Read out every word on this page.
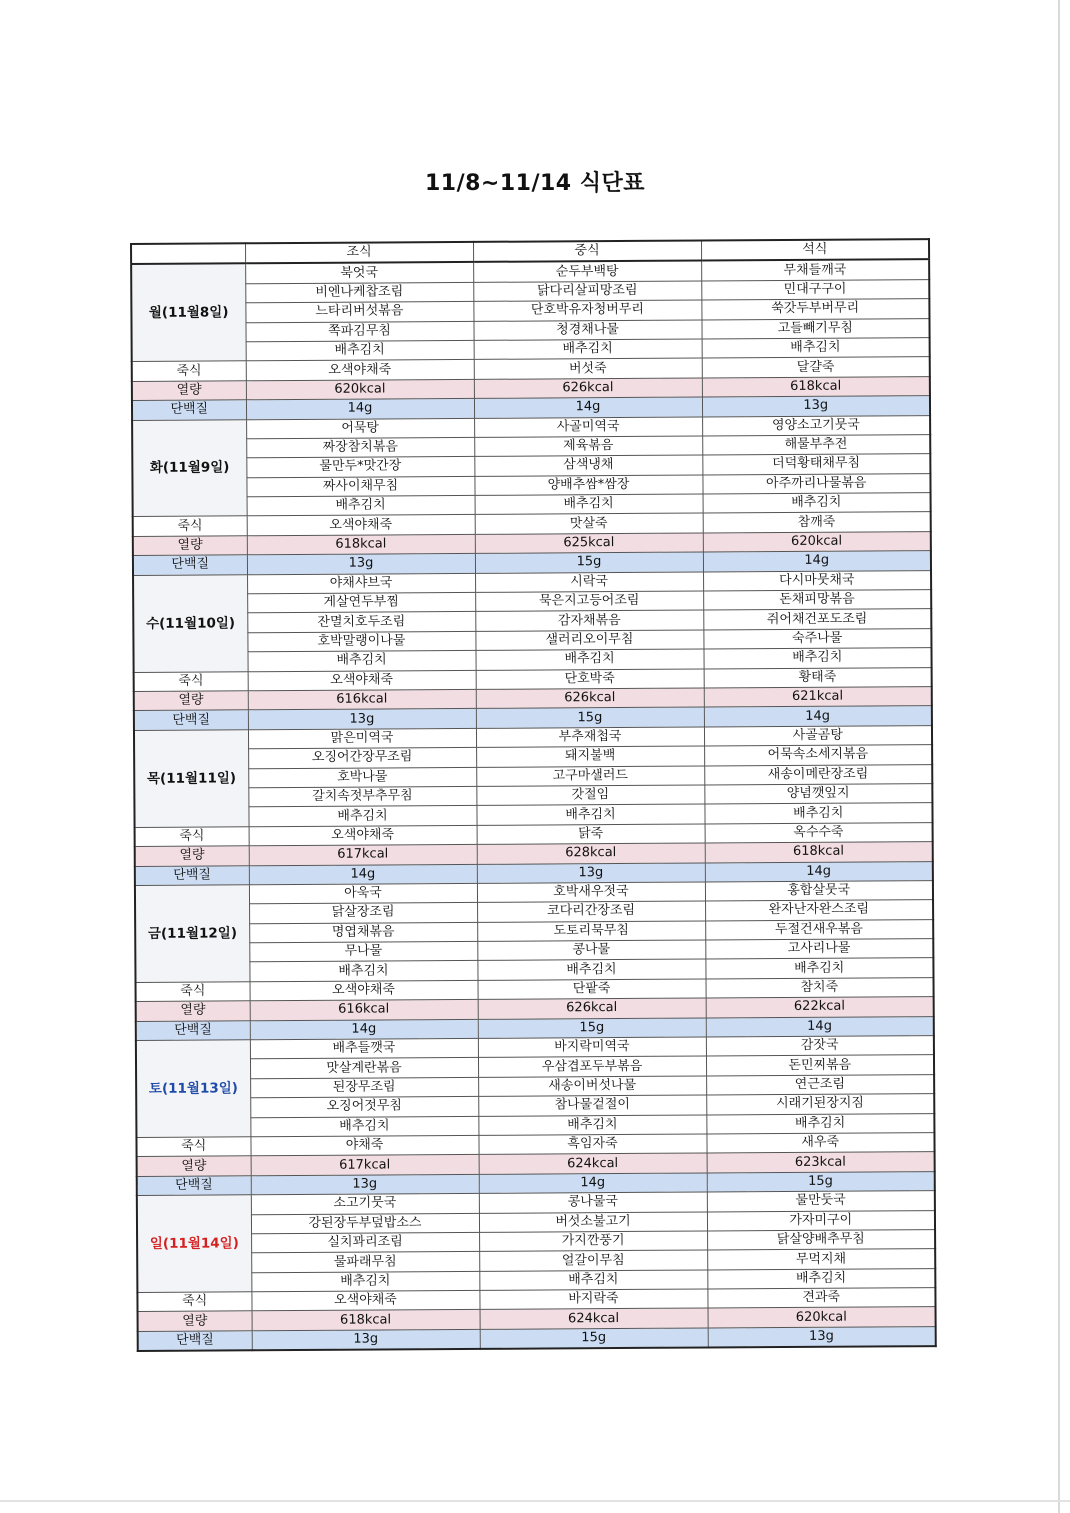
11/8~11/14 식단표
	조식	중식	석식
월(11월8일)	북엇국	순두부백탕	무채들깨국
	비엔나케찹조림	닭다리살피망조림	민대구구이
	느타리버섯볶음	단호박유자청버무리	쑥갓두부버무리
	쪽파김무침	청경채나물	고들빼기무침
	배추김치	배추김치	배추김치
죽식	오색야채죽	버섯죽	달걀죽
열량	620kcal	626kcal	618kcal
단백질	14g	14g	13g
화(11월9일)	어묵탕	사골미역국	영양소고기뭇국
	짜장참치볶음	제육볶음	해물부추전
	물만두*맛간장	삼색냉채	더덕황태채무침
	짜사이채무침	양배추쌈*쌈장	아주까리나물볶음
	배추김치	배추김치	배추김치
죽식	오색야채죽	맛살죽	참깨죽
열량	618kcal	625kcal	620kcal
단백질	13g	15g	14g
수(11월10일)	야채샤브국	시락국	다시마뭇채국
	게살연두부찜	묵은지고등어조림	돈채피망볶음
	잔멸치호두조림	감자채볶음	쥐어채건포도조림
	호박말랭이나물	샐러리오이무침	숙주나물
	배추김치	배추김치	배추김치
죽식	오색야채죽	단호박죽	황태죽
열량	616kcal	626kcal	621kcal
단백질	13g	15g	14g
목(11월11일)	맑은미역국	부추재첩국	사골곰탕
	오징어간장무조림	돼지불백	어묵속소세지볶음
	호박나물	고구마샐러드	새송이메란장조림
	갈치속젓부추무침	갓절임	양념깻잎지
	배추김치	배추김치	배추김치
죽식	오색야채죽	닭죽	옥수수죽
열량	617kcal	628kcal	618kcal
단백질	14g	13g	14g
금(11월12일)	아욱국	호박새우젓국	홍합살뭇국
	닭살장조림	코다리간장조림	완자난자완스조림
	명엽채볶음	도토리묵무침	두절건새우볶음
	무나물	콩나물	고사리나물
	배추김치	배추김치	배추김치
죽식	오색야채죽	단팥죽	참치죽
열량	616kcal	626kcal	622kcal
단백질	14g	15g	14g
토(11월13일)	배추들깻국	바지락미역국	감잣국
	맛살계란볶음	우삼겹포두부볶음	돈민찌볶음
	된장무조림	새송이버섯나물	연근조림
	오징어젓무침	참나물겉절이	시래기된장지짐
	배추김치	배추김치	배추김치
죽식	야채죽	흑임자죽	새우죽
열량	617kcal	624kcal	623kcal
단백질	13g	14g	15g
일(11월14일)	소고기뭇국	콩나물국	물만둣국
	강된장두부덮밥소스	버섯소불고기	가자미구이
	실치꽈리조림	가지깐풍기	닭살양배추무침
	물파래무침	얼갈이무침	무먹지채
	배추김치	배추김치	배추김치
죽식	오색야채죽	바지락죽	견과죽
열량	618kcal	624kcal	620kcal
단백질	13g	15g	13g
